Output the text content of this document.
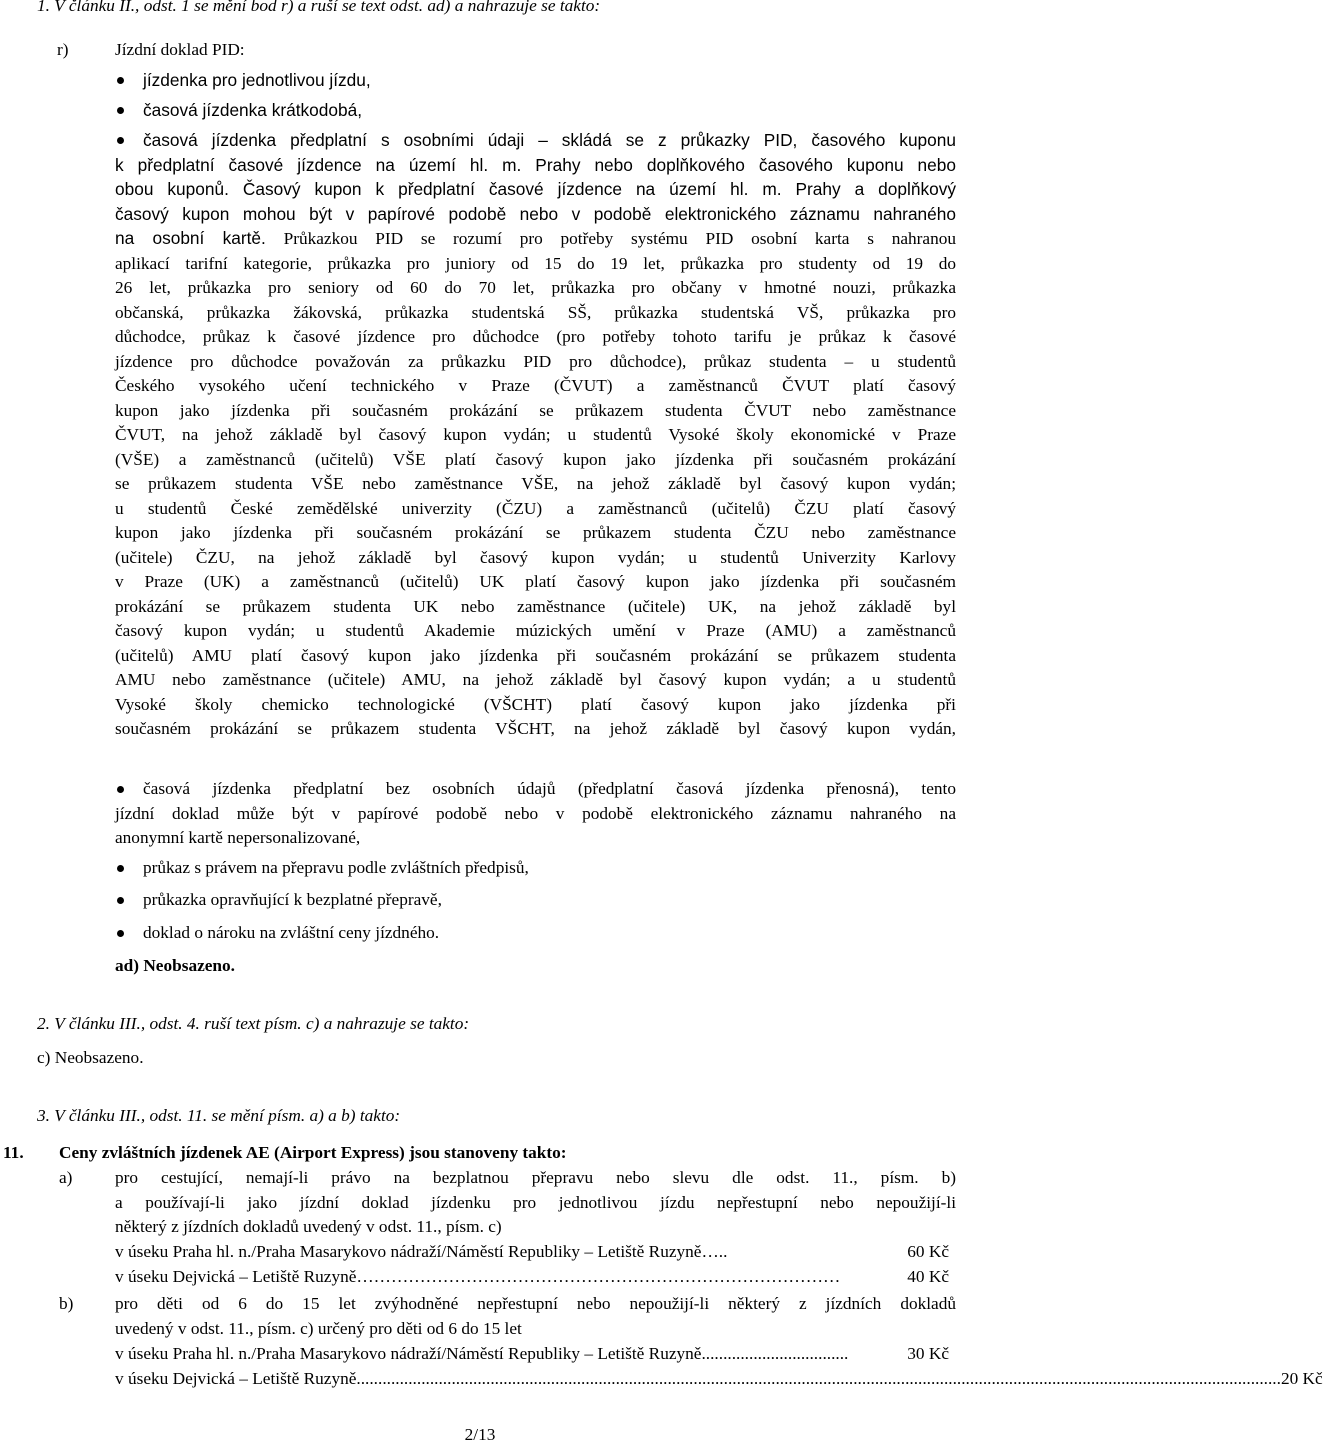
1. V článku II., odst. 1 se mění bod r) a ruší se text odst. ad) a nahrazuje se takto:
r)	Jízdní doklad PID:
jízdenka pro jednotlivou jízdu,
časová jízdenka krátkodobá,
časová jízdenka předplatní s osobními údaji – skládá se z průkazky PID, časového kuponu
k předplatní časové jízdence na území hl. m. Prahy nebo doplňkového časového kuponu nebo
obou kuponů. Časový kupon k předplatní časové jízdence na území hl. m. Prahy a doplňkový
časový kupon mohou být v papírové podobě nebo v podobě elektronického záznamu nahraného
na osobní kartě. Průkazkou PID se rozumí pro potřeby systému PID osobní karta s nahranou
aplikací tarifní kategorie, průkazka pro juniory od 15 do 19 let, průkazka pro studenty od 19 do
26 let, průkazka pro seniory od 60 do 70 let, průkazka pro občany v hmotné nouzi, průkazka
občanská, průkazka žákovská, průkazka studentská SŠ, průkazka studentská VŠ, průkazka pro
důchodce, průkaz k časové jízdence pro důchodce (pro potřeby tohoto tarifu je průkaz k časové
jízdence pro důchodce považován za průkazku PID pro důchodce), průkaz studenta – u studentů
Českého vysokého učení technického v Praze (ČVUT) a zaměstnanců ČVUT platí časový
kupon jako jízdenka při současném prokázání se průkazem studenta ČVUT nebo zaměstnance
ČVUT, na jehož základě byl časový kupon vydán; u studentů Vysoké školy ekonomické v Praze
(VŠE) a zaměstnanců (učitelů) VŠE platí časový kupon jako jízdenka při současném prokázání
se průkazem studenta VŠE nebo zaměstnance VŠE, na jehož základě byl časový kupon vydán;
u studentů České zemědělské univerzity (ČZU) a zaměstnanců (učitelů) ČZU platí časový
kupon jako jízdenka při současném prokázání se průkazem studenta ČZU nebo zaměstnance
(učitele) ČZU, na jehož základě byl časový kupon vydán; u studentů Univerzity Karlovy
v Praze (UK) a zaměstnanců (učitelů) UK platí časový kupon jako jízdenka při současném
prokázání se průkazem studenta UK nebo zaměstnance (učitele) UK, na jehož základě byl
časový kupon vydán; u studentů Akademie múzických umění v Praze (AMU) a zaměstnanců
(učitelů) AMU platí časový kupon jako jízdenka při současném prokázání se průkazem studenta
AMU nebo zaměstnance (učitele) AMU, na jehož základě byl časový kupon vydán; a u studentů
Vysoké školy chemicko technologické (VŠCHT) platí časový kupon jako jízdenka při
současném prokázání se průkazem studenta VŠCHT, na jehož základě byl časový kupon vydán,
časová jízdenka předplatní bez osobních údajů (předplatní časová jízdenka přenosná), tento
jízdní doklad může být v papírové podobě nebo v podobě elektronického záznamu nahraného na
anonymní kartě nepersonalizované,
průkaz s právem na přepravu podle zvláštních předpisů,
průkazka opravňující k bezplatné přepravě,
doklad o nároku na zvláštní ceny jízdného.
ad) Neobsazeno.
2. V článku III., odst. 4. ruší text písm. c) a nahrazuje se takto:
c) Neobsazeno.
3. V článku III., odst. 11. se mění písm. a) a b) takto:
11. Ceny zvláštních jízdenek AE (Airport Express) jsou stanoveny takto:
a) pro cestující, nemají-li právo na bezplatnou přepravu nebo slevu dle odst. 11., písm. b)
a používají-li jako jízdní doklad jízdenku pro jednotlivou jízdu nepřestupní nebo nepoužijí-li
některý z jízdních dokladů uvedený v odst. 11., písm. c)
v úseku Praha hl. n./Praha Masarykovo nádraží/Náměstí Republiky – Letiště Ruzyně …..	60 Kč
v úseku Dejvická – Letiště Ruzyně …………………………………………………………………………	40 Kč
b) pro děti od 6 do 15 let zvýhodněné nepřestupní nebo nepoužijí-li některý z jízdních dokladů
uvedený v odst. 11., písm. c) určený pro děti od 6 do 15 let
v úseku Praha hl. n./Praha Masarykovo nádraží/Náměstí Republiky – Letiště Ruzyně ..................................	30 Kč
v úseku Dejvická – Letiště Ruzyně ...................................................................................................................................................................................................................... 20 Kč
2/13
